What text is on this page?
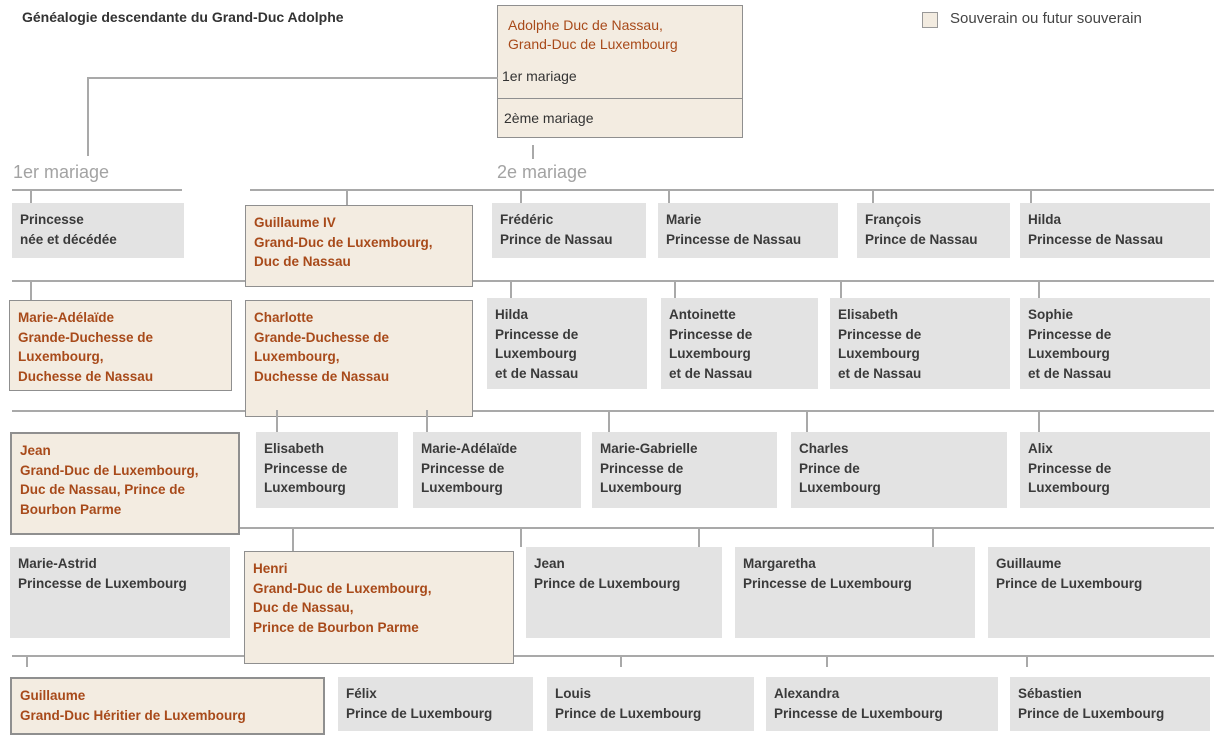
Généalogie descendante du Grand-Duc Adolphe	Souverain ou futur souverain
Adolphe Duc de Nassau,
Grand-Duc de Luxembourg
1er mariage
2ème mariage
1er mariage	2e mariage
Princesse
née et décédée
Guillaume IV
Grand-Duc de Luxembourg,
Duc de Nassau
Frédéric
Prince de Nassau
Marie
Princesse de Nassau
François
Prince de Nassau
Hilda
Princesse de Nassau
Marie-Adélaïde
Grande-Duchesse de
Luxembourg,
Duchesse de Nassau
Charlotte
Grande-Duchesse de
Luxembourg,
Duchesse de Nassau
Hilda
Princesse de
Luxembourg
et de Nassau
Antoinette
Princesse de
Luxembourg
et de Nassau
Elisabeth
Princesse de
Luxembourg
et de Nassau
Sophie
Princesse de
Luxembourg
et de Nassau
Jean
Grand-Duc de Luxembourg,
Duc de Nassau, Prince de
Bourbon Parme
Elisabeth
Princesse de
Luxembourg
Marie-Adélaïde
Princesse de
Luxembourg
Marie-Gabrielle
Princesse de
Luxembourg
Charles
Prince de
Luxembourg
Alix
Princesse de
Luxembourg
Marie-Astrid
Princesse de Luxembourg
Henri
Grand-Duc de Luxembourg,
Duc de Nassau,
Prince de Bourbon Parme
Jean
Prince de Luxembourg
Margaretha
Princesse de Luxembourg
Guillaume
Prince de Luxembourg
Guillaume
Grand-Duc Héritier de Luxembourg
Félix
Prince de Luxembourg
Louis
Prince de Luxembourg
Alexandra
Princesse de Luxembourg
Sébastien
Prince de Luxembourg
